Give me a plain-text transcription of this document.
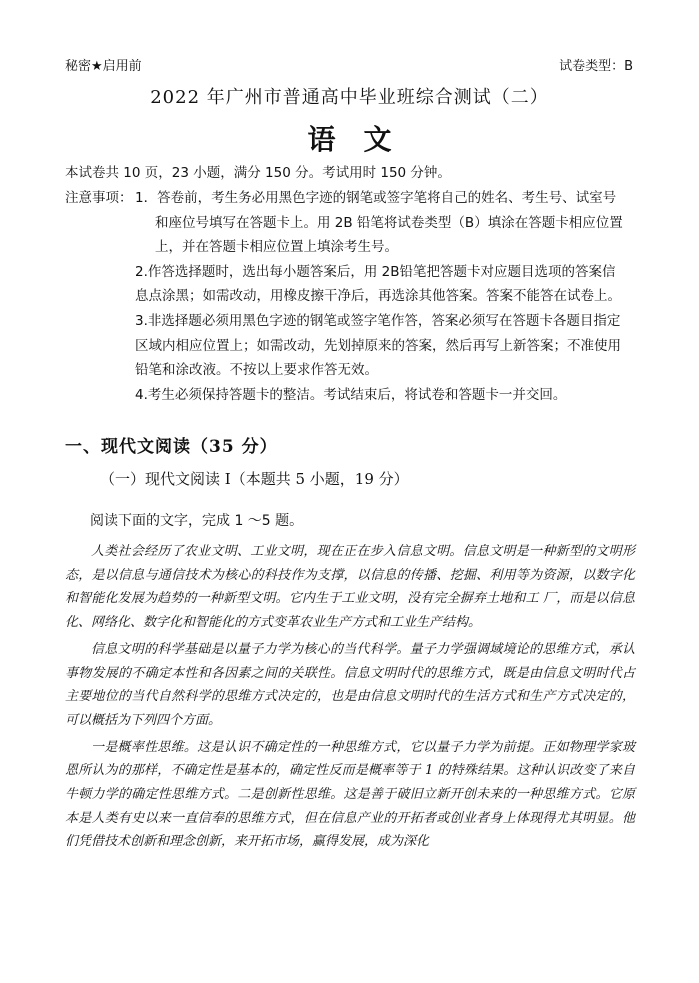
秘密★启用前	试卷类型：B
2022 年广州市普通高中毕业班综合测试（二）
语文
本试卷共 10 页，23 小题，满分 150 分。考试用时 150 分钟。
注意事项： 1．答卷前，考生务必用黑色字迹的钢笔或签字笔将自己的姓名、考生号、试室号
和座位号填写在答题卡上。用 2B 铅笔将试卷类型（B）填涂在答题卡相应位置
上，并在答题卡相应位置上填涂考生号。
2.作答选择题时，选出每小题答案后，用 2B铅笔把答题卡对应题目选项的答案信
息点涂黑；如需改动，用橡皮擦干净后，再选涂其他答案。答案不能答在试卷上。
3.非选择题必须用黑色字迹的钢笔或签字笔作答，答案必须写在答题卡各题目指定
区域内相应位置上；如需改动，先划掉原来的答案，然后再写上新答案；不准使用
铅笔和涂改液。不按以上要求作答无效。
4.考生必须保持答题卡的整洁。考试结束后，将试卷和答题卡一并交回。
一、现代文阅读（35 分）
（一）现代文阅读 I（本题共 5 小题，19 分）
阅读下面的文字，完成 1 ～5 题。

人类社会经历了农业文明、工业文明，现在正在步入信息文明。信息文明是一种新型的文明形态，是以信息与通信技术为核心的科技作为支撑，以信息的传播、挖掘、利用等为资源，以数字化和智能化发展为趋势的一种新型文明。它内生于工业文明，没有完全摒弃土地和工 厂，而是以信息化、网络化、数字化和智能化的方式变革农业生产方式和工业生产结构。

信息文明的科学基础是以量子力学为核心的当代科学。量子力学强调域境论的思维方式，承认事物发展的不确定本性和各因素之间的关联性。信息文明时代的思维方式，既是由信息文明时代占主要地位的当代自然科学的思维方式决定的，也是由信息文明时代的生活方式和生产方式决定的，可以概括为下列四个方面。

一是概率性思维。这是认识不确定性的一种思维方式，它以量子力学为前提。正如物理学家玻恩所认为的那样，不确定性是基本的，确定性反而是概率等于 1 的特殊结果。这种认识改变了来自牛顿力学的确定性思维方式。二是创新性思维。这是善于破旧立新开创未来的一种思维方式。它原本是人类有史以来一直信奉的思维方式，但在信息产业的开拓者或创业者身上体现得尤其明显。他们凭借技术创新和理念创新，来开拓市场，赢得发展，成为深化
